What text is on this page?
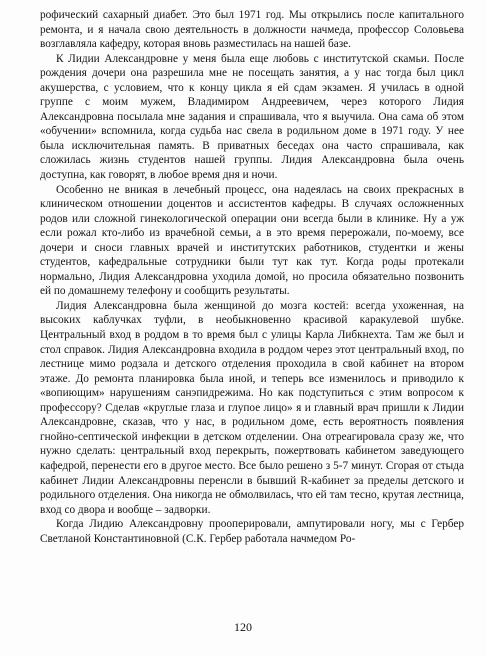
рофический сахарный диабет. Это был 1971 год. Мы открылись после капитального ремонта, и я начала свою деятельность в должности начмеда, профессор Соловьева возглавляла кафедру, которая вновь разместилась на нашей базе.

К Лидии Александровне у меня была еще любовь с институтской скамьи. После рождения дочери она разрешила мне не посещать занятия, а у нас тогда был цикл акушерства, с условием, что к концу цикла я ей сдам экзамен. Я училась в одной группе с моим мужем, Владимиром Андреевичем, через которого Лидия Александровна посылала мне задания и спрашивала, что я выучила. Она сама об этом «обучении» вспомнила, когда судьба нас свела в родильном доме в 1971 году. У нее была исключительная память. В приватных беседах она часто спрашивала, как сложилась жизнь студентов нашей группы. Лидия Александровна была очень доступна, как говорят, в любое время дня и ночи.

Особенно не вникая в лечебный процесс, она надеялась на своих прекрасных в клиническом отношении доцентов и ассистентов кафедры. В случаях осложненных родов или сложной гинекологической операции они всегда были в клинике. Ну а уж если рожал кто-либо из врачебной семьи, а в это время перерожали, по-моему, все дочери и сноси главных врачей и институтских работников, студентки и жены студентов, кафедральные сотрудники были тут как тут. Когда роды протекали нормально, Лидия Александровна уходила домой, но просила обязательно позвонить ей по домашнему телефону и сообщить результаты.

Лидия Александровна была женщиной до мозга костей: всегда ухоженная, на высоких каблучках туфли, в необыкновенно красивой каракулевой шубке. Центральный вход в роддом в то время был с улицы Карла Либкнехта. Там же был и стол справок. Лидия Александровна входила в роддом через этот центральный вход, по лестнице мимо родзала и детского отделения проходила в свой кабинет на втором этаже. До ремонта планировка была иной, и теперь все изменилось и приводило к «вопиющим» нарушениям санэпидрежима. Но как подступиться с этим вопросом к профессору? Сделав «круглые глаза и глупое лицо» я и главный врач пришли к Лидии Александровне, сказав, что у нас, в родильном доме, есть вероятность появления гнойно-септической инфекции в детском отделении. Она отреагировала сразу же, что нужно сделать: центральный вход перекрыть, пожертвовать кабинетом заведующего кафедрой, перенести его в другое место. Все было решено з 5-7 минут. Сгорая от стыда кабинет Лидии Александровны перенсли в бывший R-кабинет за пределы детского и родильного отделения. Она никогда не обмолвилась, что ей там тесно, крутая лестница, вход со двора и вообще – задворки.

Когда Лидию Александровну прооперировали, ампутировали ногу, мы с Гербер Светланой Константиновной (С.К. Гербер работала начмедом Ро-

120
